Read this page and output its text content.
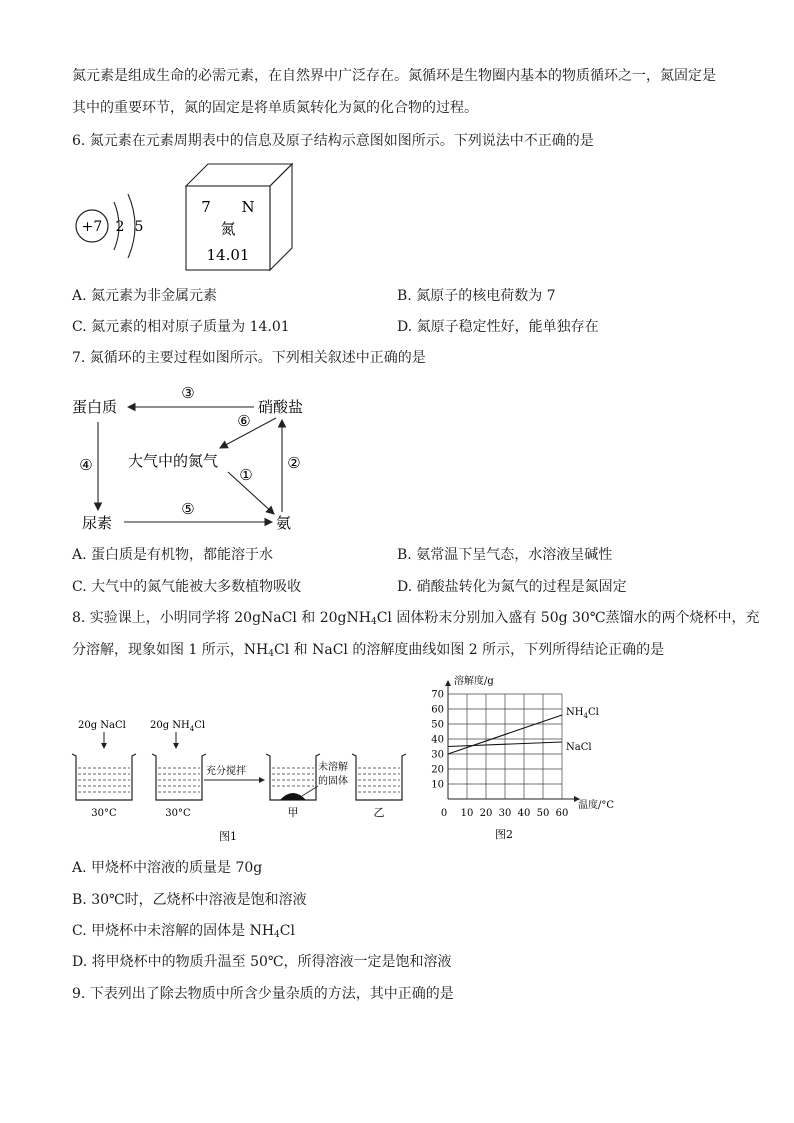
氮元素是组成生命的必需元素，在自然界中广泛存在。氮循环是生物圈内基本的物质循环之一，氮固定是
其中的重要环节，氮的固定是将单质氮转化为氮的化合物的过程。
6. 氮元素在元素周期表中的信息及原子结构示意图如图所示。下列说法中不正确的是
+7 2 5
7 N
氮
14.01
A. 氮元素为非金属元素	B. 氮原子的核电荷数为 7
C. 氮元素的相对原子质量为 14.01	D. 氮原子稳定性好，能单独存在
7. 氮循环的主要过程如图所示。下列相关叙述中正确的是
蛋白质	硝酸盐
大气中的氮气
尿素	氨
③
⑥
②
①
④
⑤
A. 蛋白质是有机物，都能溶于水	B. 氨常温下呈气态，水溶液呈碱性
C. 大气中的氮气能被大多数植物吸收	D. 硝酸盐转化为氮气的过程是氮固定
8. 实验课上，小明同学将 20gNaCl 和 20gNH$_4$Cl 固体粉末分别加入盛有 50g 30℃蒸馏水的两个烧杯中，充
分溶解，现象如图 1 所示，$NH_4Cl$ 和 NaCl 的溶解度曲线如图 2 所示，下列所得结论正确的是
20g NaCl 20g $NH_4Cl$
30°C	30°C
充分搅拌	未溶解
的固体
甲	乙
图1
溶解度/g
温度/°C
0
图2
10 20 30 40 50 60
10
20
30
40
50
60
70
$NH_4Cl$
NaCl
A. 甲烧杯中溶液的质量是 70g
B. 30℃时，乙烧杯中溶液是饱和溶液
C. 甲烧杯中未溶解的固体是 $NH_4Cl$
D. 将甲烧杯中的物质升温至 50℃，所得溶液一定是饱和溶液
9. 下表列出了除去物质中所含少量杂质的方法，其中正确的是
